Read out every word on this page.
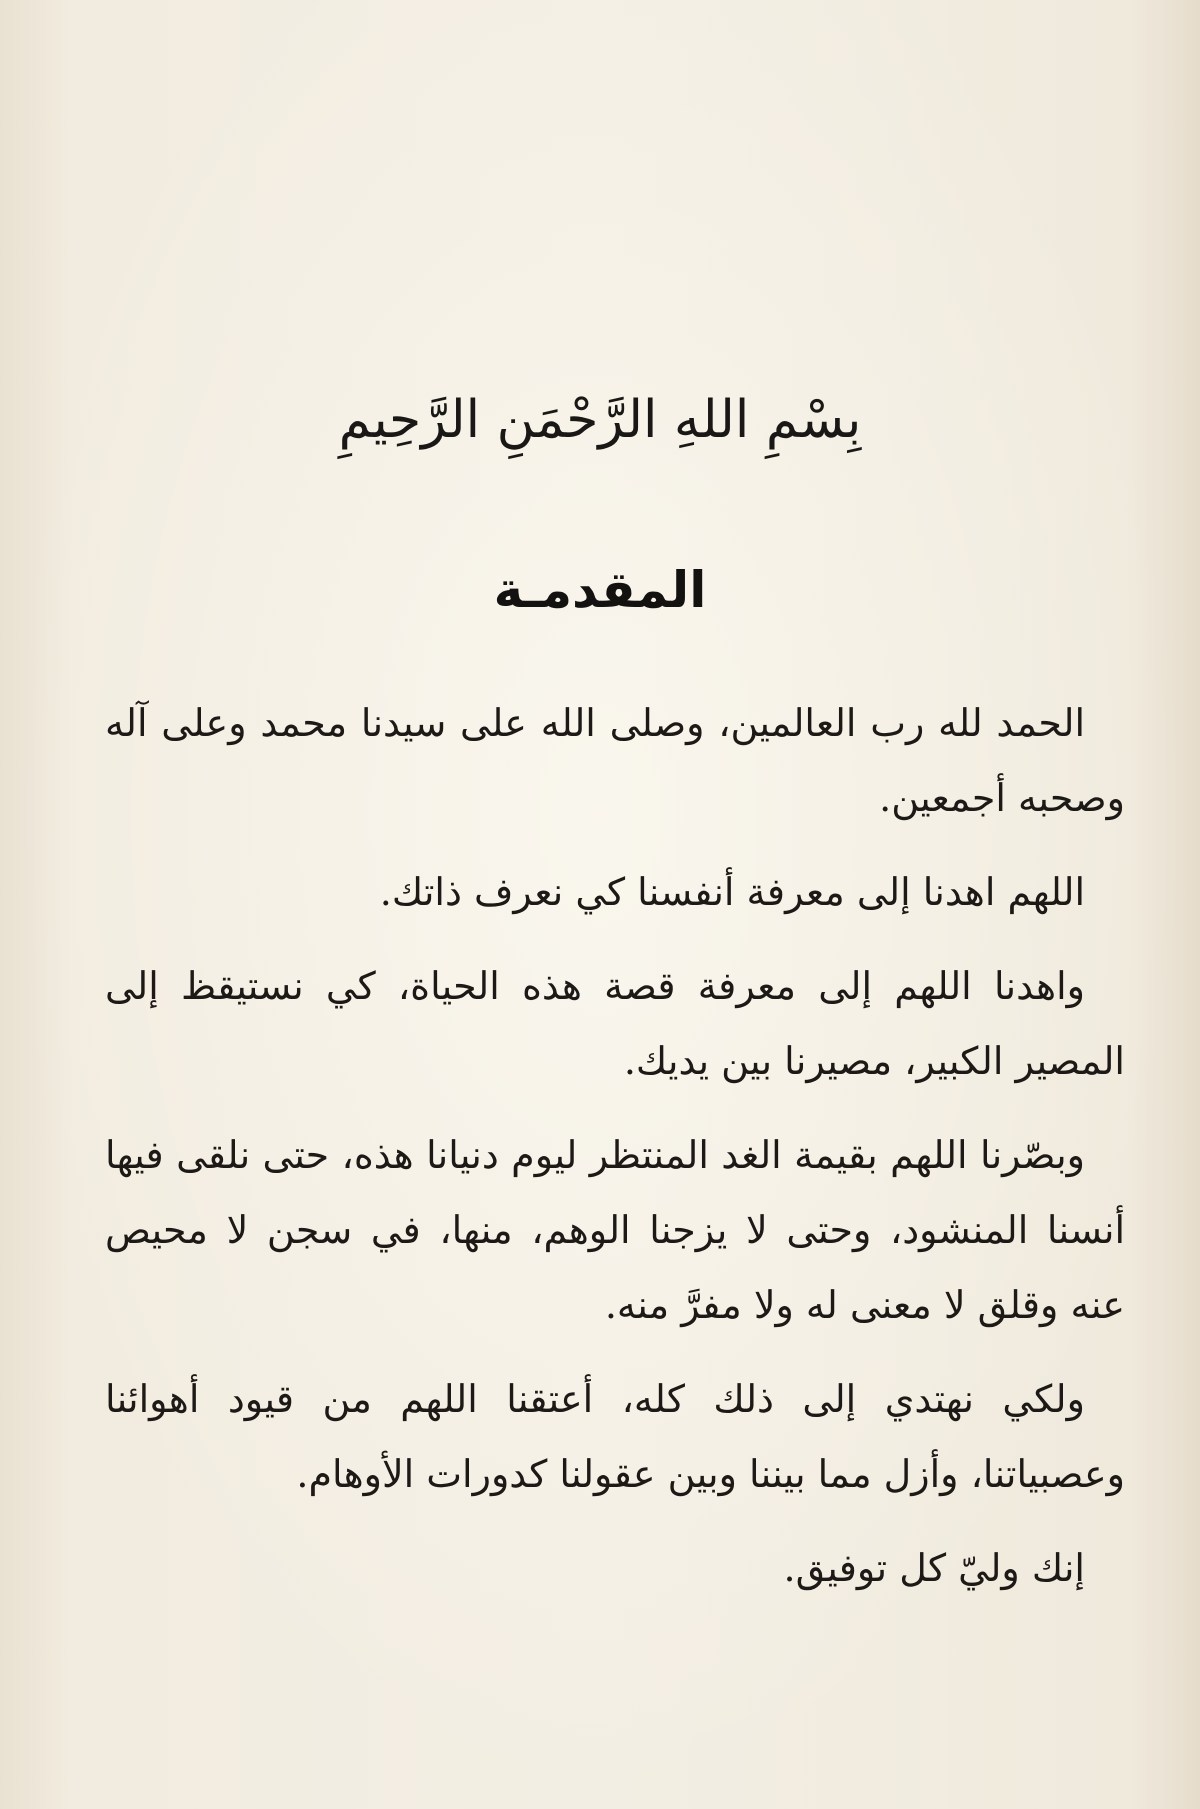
بِسْمِ اللهِ الرَّحْمَنِ الرَّحِيمِ
المقدمـة

الحمد لله رب العالمين، وصلى الله على سيدنا محمد وعلى آله وصحبه أجمعين.

اللهم اهدنا إلى معرفة أنفسنا كي نعرف ذاتك.

واهدنا اللهم إلى معرفة قصة هذه الحياة، كي نستيقظ إلى المصير الكبير، مصيرنا بين يديك.

وبصّرنا اللهم بقيمة الغد المنتظر ليوم دنيانا هذه، حتى نلقى فيها أنسنا المنشود، وحتى لا يزجنا الوهم، منها، في سجن لا محيص عنه وقلق لا معنى له ولا مفرَّ منه.

ولكي نهتدي إلى ذلك كله، أعتقنا اللهم من قيود أهوائنا وعصبياتنا، وأزل مما بيننا وبين عقولنا كدورات الأوهام.

إنك وليّ كل توفيق.
